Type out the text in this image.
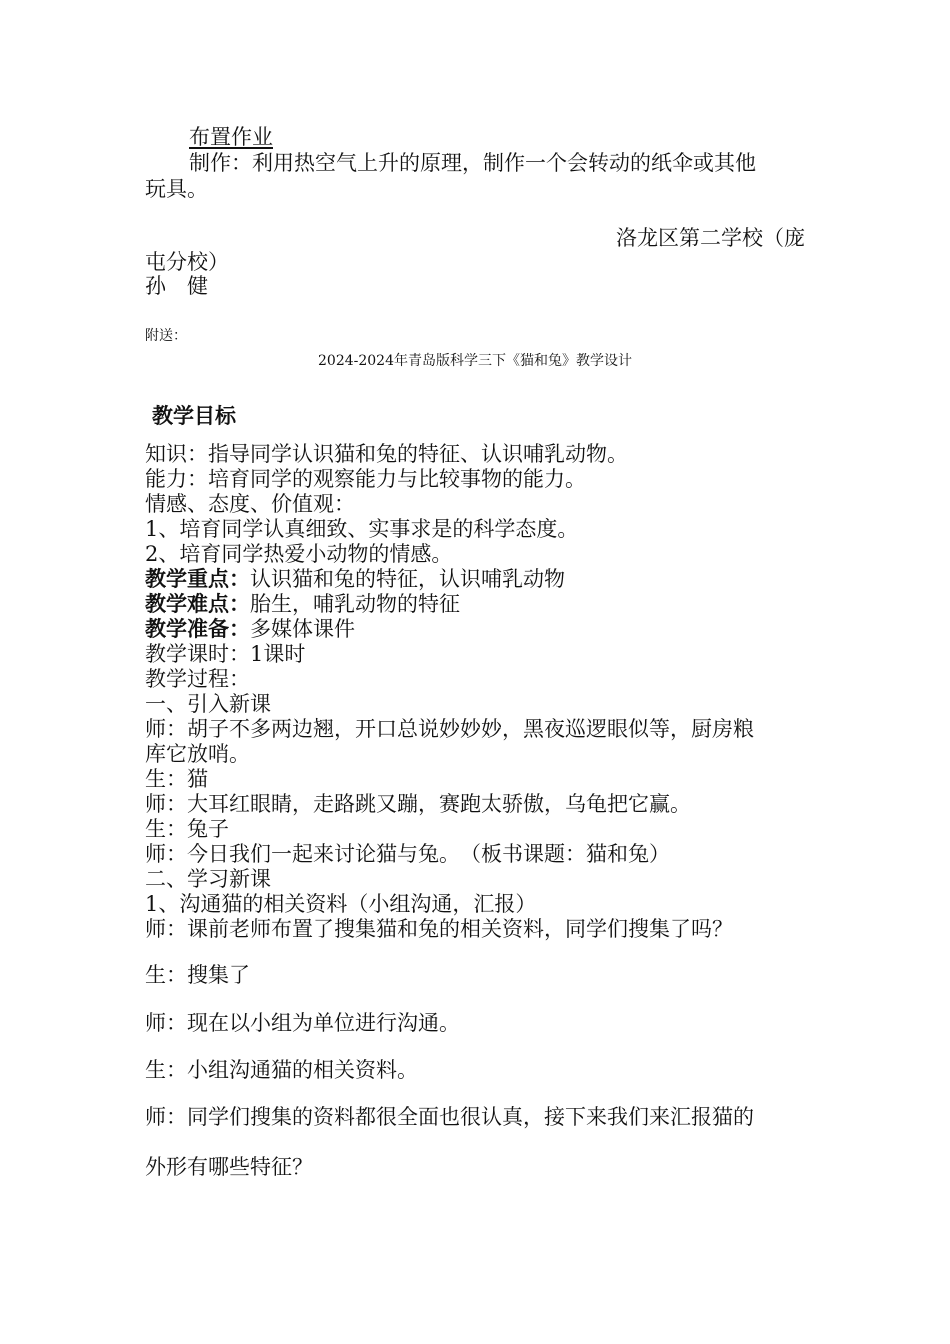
布置作业
制作：利用热空气上升的原理，制作一个会转动的纸伞或其他
玩具。
洛龙区第二学校（庞
屯分校）
孙　健
附送：
2024-2024年青岛版科学三下《猫和兔》教学设计
教学目标
知识：指导同学认识猫和兔的特征、认识哺乳动物。
能力：培育同学的观察能力与比较事物的能力。
情感、态度、价值观：
1、培育同学认真细致、实事求是的科学态度。
2、培育同学热爱小动物的情感。
教学重点：认识猫和兔的特征，认识哺乳动物
教学难点：胎生，哺乳动物的特征
教学准备：多媒体课件
教学课时：1课时
教学过程：
一、引入新课
师：胡子不多两边翘，开口总说妙妙妙，黑夜巡逻眼似等，厨房粮
库它放哨。
生：猫
师：大耳红眼睛，走路跳又蹦，赛跑太骄傲，乌龟把它赢。
生：兔子
师：今日我们一起来讨论猫与兔。　（板书课题：猫和兔）
二、学习新课
1、沟通猫的相关资料（小组沟通，汇报）
师：课前老师布置了搜集猫和兔的相关资料，同学们搜集了吗？
生：搜集了
师：现在以小组为单位进行沟通。
生：小组沟通猫的相关资料。
师：同学们搜集的资料都很全面也很认真，接下来我们来汇报猫的
外形有哪些特征？
